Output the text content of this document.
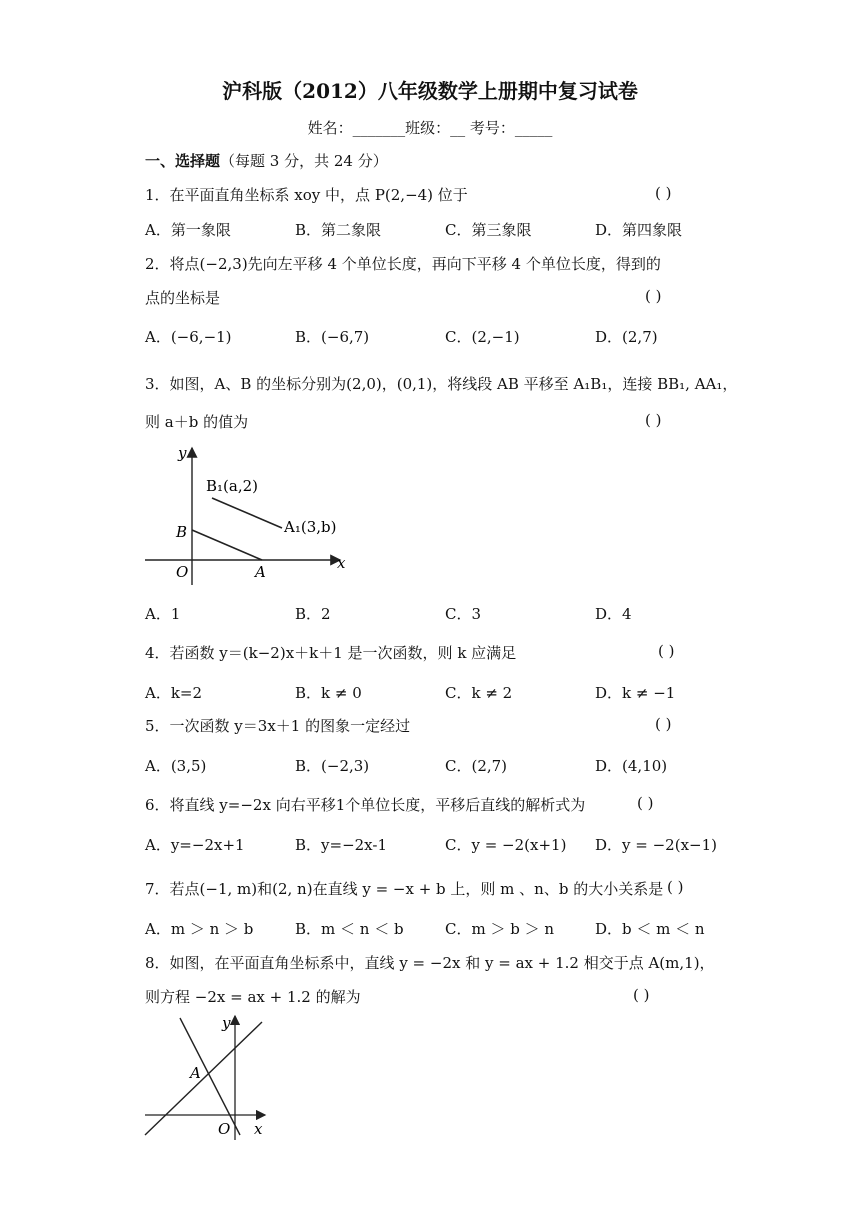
沪科版（2012）八年级数学上册期中复习试卷
姓名：_______班级：__ 考号：_____
一、选择题（每题 3 分，共 24 分）
1．在平面直角坐标系 xoy 中，点 P(2,−4) 位于	( )
A．第一象限	B．第二象限	C．第三象限	D．第四象限
2．将点(−2,3)先向左平移 4 个单位长度，再向下平移 4 个单位长度，得到的
点的坐标是	( )
A．(−6,−1)	B．(−6,7)	C．(2,−1)	D．(2,7)
3．如图，A、B 的坐标分别为(2,0)，(0,1)，将线段 AB 平移至 A₁B₁，连接 BB₁, AA₁，
则 a＋b 的值为	( )
y
x
O	A
B
B₁(a,2)
A₁(3,b)
A．1	B．2	C．3	D．4
4．若函数 y＝(k−2)x＋k＋1 是一次函数，则 k 应满足	( )
A．k=2	B．k ≠ 0	C．k ≠ 2	D．k ≠ −1
5．一次函数 y＝3x＋1 的图象一定经过	( )
A．(3,5)	B．(−2,3)	C．(2,7)	D．(4,10)
6．将直线 y=−2x 向右平移1个单位长度，平移后直线的解析式为	( )
A．y=−2x+1	B．y=−2x-1	C．y = −2(x+1) D．y = −2(x−1)
7．若点(−1, m)和(2, n)在直线 y = −x + b 上，则 m 、n、b 的大小关系是 ( )
A．m ＞ n ＞ b	B．m ＜ n ＜ b	C．m ＞ b ＞ n	D．b ＜ m ＜ n
8．如图，在平面直角坐标系中，直线 y = −2x 和 y = ax + 1.2 相交于点 A(m,1)，
则方程 −2x = ax + 1.2 的解为	( )
y
x
O
A
